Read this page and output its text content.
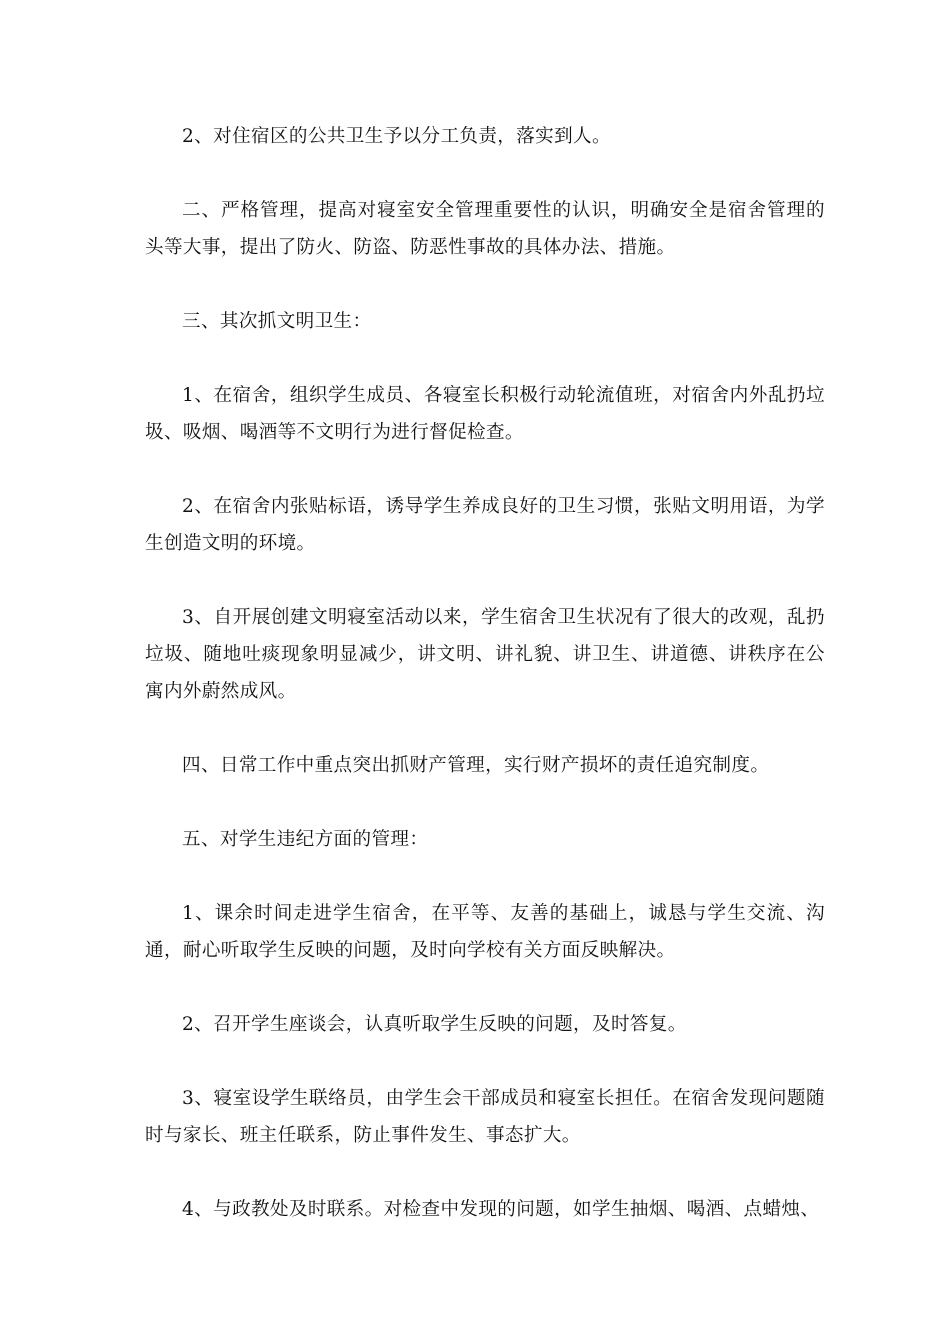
2、对住宿区的公共卫生予以分工负责，落实到人。

二、严格管理，提高对寝室安全管理重要性的认识，明确安全是宿舍管理的头等大事，提出了防火、防盗、防恶性事故的具体办法、措施。

三、其次抓文明卫生：

1、在宿舍，组织学生成员、各寝室长积极行动轮流值班，对宿舍内外乱扔垃圾、吸烟、喝酒等不文明行为进行督促检查。

2、在宿舍内张贴标语，诱导学生养成良好的卫生习惯，张贴文明用语，为学生创造文明的环境。

3、自开展创建文明寝室活动以来，学生宿舍卫生状况有了很大的改观，乱扔垃圾、随地吐痰现象明显减少，讲文明、讲礼貌、讲卫生、讲道德、讲秩序在公寓内外蔚然成风。

四、日常工作中重点突出抓财产管理，实行财产损坏的责任追究制度。

五、对学生违纪方面的管理：

1、课余时间走进学生宿舍，在平等、友善的基础上，诚恳与学生交流、沟通，耐心听取学生反映的问题，及时向学校有关方面反映解决。

2、召开学生座谈会，认真听取学生反映的问题，及时答复。

3、寝室设学生联络员，由学生会干部成员和寝室长担任。在宿舍发现问题随时与家长、班主任联系，防止事件发生、事态扩大。

4、与政教处及时联系。对检查中发现的问题，如学生抽烟、喝酒、点蜡烛、
